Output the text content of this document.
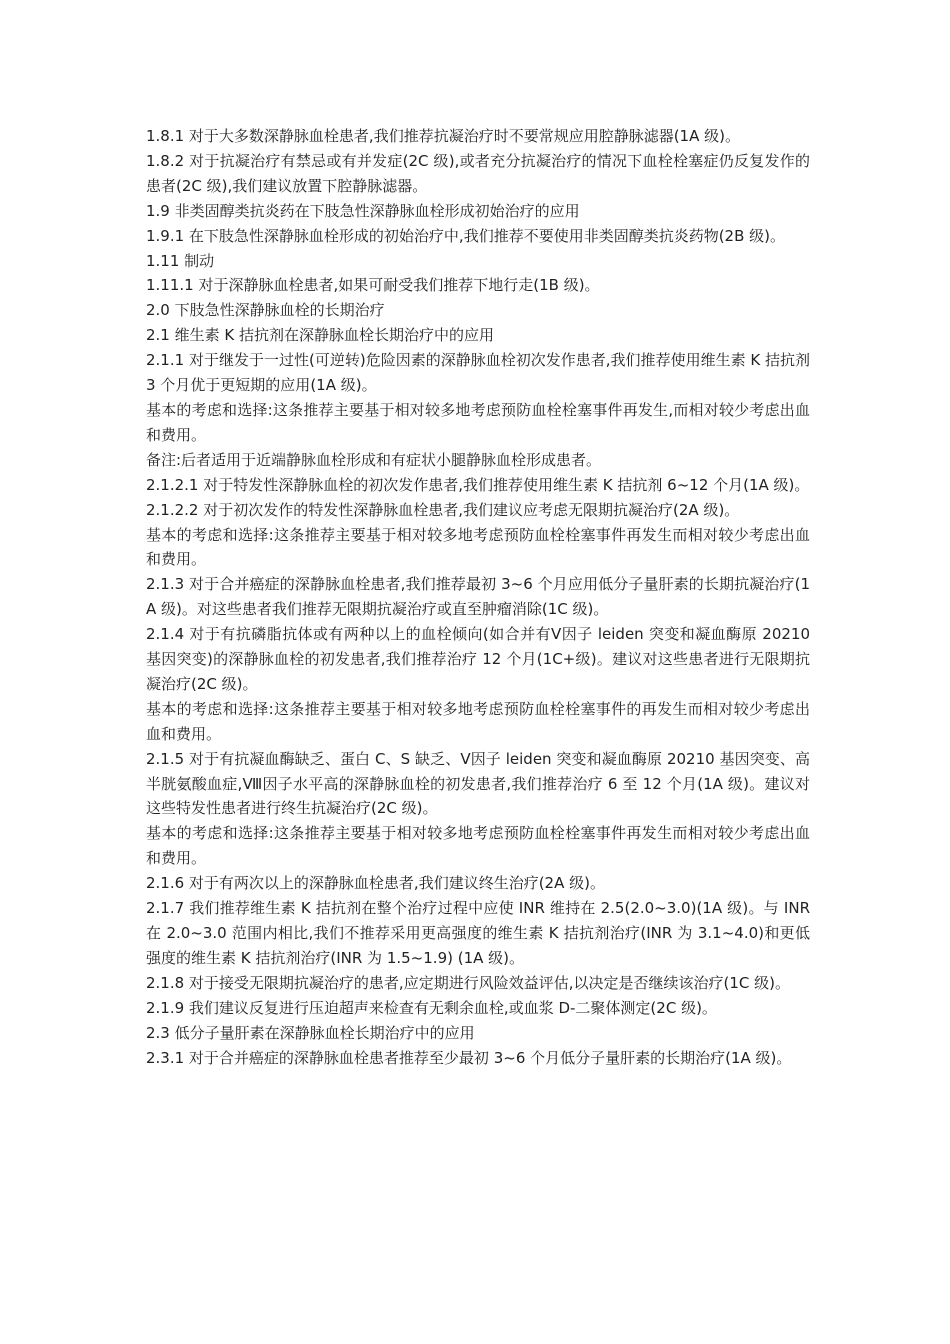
1.8.1 对于大多数深静脉血栓患者,我们推荐抗凝治疗时不要常规应用腔静脉滤器(1A 级)。

1.8.2 对于抗凝治疗有禁忌或有并发症(2C 级),或者充分抗凝治疗的情况下血栓栓塞症仍反复发作的患者(2C 级),我们建议放置下腔静脉滤器。

1.9 非类固醇类抗炎药在下肢急性深静脉血栓形成初始治疗的应用

1.9.1 在下肢急性深静脉血栓形成的初始治疗中,我们推荐不要使用非类固醇类抗炎药物(2B 级)。

1.11 制动

1.11.1 对于深静脉血栓患者,如果可耐受我们推荐下地行走(1B 级)。

2.0 下肢急性深静脉血栓的长期治疗

2.1 维生素 K 拮抗剂在深静脉血栓长期治疗中的应用

2.1.1 对于继发于一过性(可逆转)危险因素的深静脉血栓初次发作患者,我们推荐使用维生素 K 拮抗剂 3 个月优于更短期的应用(1A 级)。

基本的考虑和选择:这条推荐主要基于相对较多地考虑预防血栓栓塞事件再发生,而相对较少考虑出血和费用。

备注:后者适用于近端静脉血栓形成和有症状小腿静脉血栓形成患者。

2.1.2.1 对于特发性深静脉血栓的初次发作患者,我们推荐使用维生素 K 拮抗剂 6~12 个月(1A 级)。

2.1.2.2 对于初次发作的特发性深静脉血栓患者,我们建议应考虑无限期抗凝治疗(2A 级)。

基本的考虑和选择:这条推荐主要基于相对较多地考虑预防血栓栓塞事件再发生而相对较少考虑出血和费用。

2.1.3 对于合并癌症的深静脉血栓患者,我们推荐最初 3~6 个月应用低分子量肝素的长期抗凝治疗(1A 级)。对这些患者我们推荐无限期抗凝治疗或直至肿瘤消除(1C 级)。

2.1.4 对于有抗磷脂抗体或有两种以上的血栓倾向(如合并有Ⅴ因子 leiden 突变和凝血酶原 20210 基因突变)的深静脉血栓的初发患者,我们推荐治疗 12 个月(1C+级)。建议对这些患者进行无限期抗凝治疗(2C 级)。

基本的考虑和选择:这条推荐主要基于相对较多地考虑预防血栓栓塞事件的再发生而相对较少考虑出血和费用。

2.1.5 对于有抗凝血酶缺乏、蛋白 C、S 缺乏、Ⅴ因子 leiden 突变和凝血酶原 20210 基因突变、高半胱氨酸血症,Ⅷ因子水平高的深静脉血栓的初发患者,我们推荐治疗 6 至 12 个月(1A 级)。建议对这些特发性患者进行终生抗凝治疗(2C 级)。

基本的考虑和选择:这条推荐主要基于相对较多地考虑预防血栓栓塞事件再发生而相对较少考虑出血和费用。

2.1.6 对于有两次以上的深静脉血栓患者,我们建议终生治疗(2A 级)。

2.1.7 我们推荐维生素 K 拮抗剂在整个治疗过程中应使 INR 维持在 2.5(2.0~3.0)(1A 级)。与 INR 在 2.0~3.0 范围内相比,我们不推荐采用更高强度的维生素 K 拮抗剂治疗(INR 为 3.1~4.0)和更低强度的维生素 K 拮抗剂治疗(INR 为 1.5~1.9) (1A 级)。

2.1.8 对于接受无限期抗凝治疗的患者,应定期进行风险效益评估,以决定是否继续该治疗(1C 级)。

2.1.9 我们建议反复进行压迫超声来检查有无剩余血栓,或血浆 D-二聚体测定(2C 级)。

2.3 低分子量肝素在深静脉血栓长期治疗中的应用

2.3.1 对于合并癌症的深静脉血栓患者推荐至少最初 3~6 个月低分子量肝素的长期治疗(1A 级)。
